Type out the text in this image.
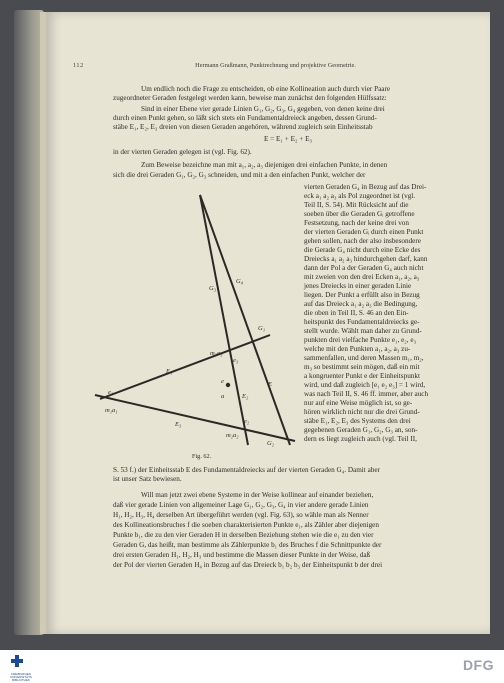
112	Hermann Graßmann, Punktrechnung und projektive Geometrie.
Um endlich noch die Frage zu entscheiden, ob eine Kollineation auch durch vier Paare
zugeordneter Geraden festgelegt werden kann, beweise man zunächst den folgenden Hülfssatz:
Sind in einer Ebene vier gerade Linien G₁, G₂, G₃, G₄ gegeben, von denen keine drei
durch einen Punkt gehen, so läßt sich stets ein Fundamentaldreieck angeben, dessen Grund-
stäbe E₁, E₂, E₃ dreien von diesen Geraden angehören, während zugleich sein Einheitsstab
E = E₁ + E₂ + E₃
in der vierten Geraden gelegen ist (vgl. Fig. 62).
Zum Beweise bezeichne man mit a₁, a₂, a₃ diejenigen drei einfachen Punkte, in denen
sich die drei Geraden G₁, G₂, G₃ schneiden, und mit a den einfachen Punkt, welcher der
vierten Geraden G₄ in Bezug auf das Drei-
eck a₁ a₂ a₃ als Pol zugeordnet ist (vgl.
Teil II, S. 54). Mit Rücksicht auf die
soeben über die Geraden Gᵢ getroffene
Festsetzung, nach der keine drei von
der vierten Geraden Gᵢ durch einen Punkt
gehen sollen, nach der also insbesondere
die Gerade G₄ nicht durch eine Ecke des
Dreiecks a₁ a₂ a₃ hindurchgehen darf, kann
dann der Pol a der Geraden G₄ auch nicht
mit zweien von den drei Ecken a₁, a₂, a₃
jenes Dreiecks in einer geraden Linie
liegen. Der Punkt a erfüllt also in Bezug
auf das Dreieck a₁ a₂ a₃ die Bedingung,
die oben in Teil II, S. 46 an den Ein-
heitspunkt des Fundamentaldreiecks ge-
stellt wurde. Wählt man daher zu Grund-
punkten drei vielfache Punkte e₁, e₂, e₃
welche mit den Punkten a₁, a₂, a₃ zu-
sammenfallen, und deren Massen m₁, m₂,
m₃ so bestimmt sein mögen, daß ein mit
a kongruenter Punkt e der Einheitspunkt
wird, und daß zugleich [e₁ e₂ e₃] = 1 wird,
was nach Teil II, S. 46 ff. immer, aber auch
nur auf eine Weise möglich ist, so ge-
hören wirklich nicht nur die drei Grund-
stäbe E₁, E₂, E₃ des Systems den drei
gegebenen Geraden G₁, G₂, G₃ an, son-
dern es liegt zugleich auch (vgl. Teil II,
G₃
G₄
G₁
G₂
m₃a₃
e₃
E₁
e
a	E₂
E
e₁
m₁a₁
e₂
E₃
m₂a₂
Fig. 62.
S. 53 f.) der Einheitsstab E des Fundamentaldreiecks auf der vierten Geraden G₄. Damit aber
ist unser Satz bewiesen.
Will man jetzt zwei ebene Systeme in der Weise kollinear auf einander beziehen,
daß vier gerade Linien von allgemeiner Lage G₁, G₂, G₃, G₄ in vier andere gerade Linien
H₁, H₂, H₃, H₄ derselben Art übergeführt werden (vgl. Fig. 63), so wähle man als Nenner
des Kollineationsbruches f die soeben charakterisierten Punkte e₁, als Zähler aber diejenigen
Punkte b₁, die zu den vier Geraden H in derselben Beziehung stehen wie die e₁ zu den vier
Geraden G, das heißt, man bestimme als Zählerpunkte b₁ des Bruches f die Schnittpunkte der
drei ersten Geraden H₁, H₂, H₃ und bestimme die Massen dieser Punkte in der Weise, daß
der Pol der vierten Geraden H₄ in Bezug auf das Dreieck b₁ b₂ b₃ der Einheitspunkt b der drei
FREIBURGER UNIVERSITÄTS BIBLIOTHEK
DFG
